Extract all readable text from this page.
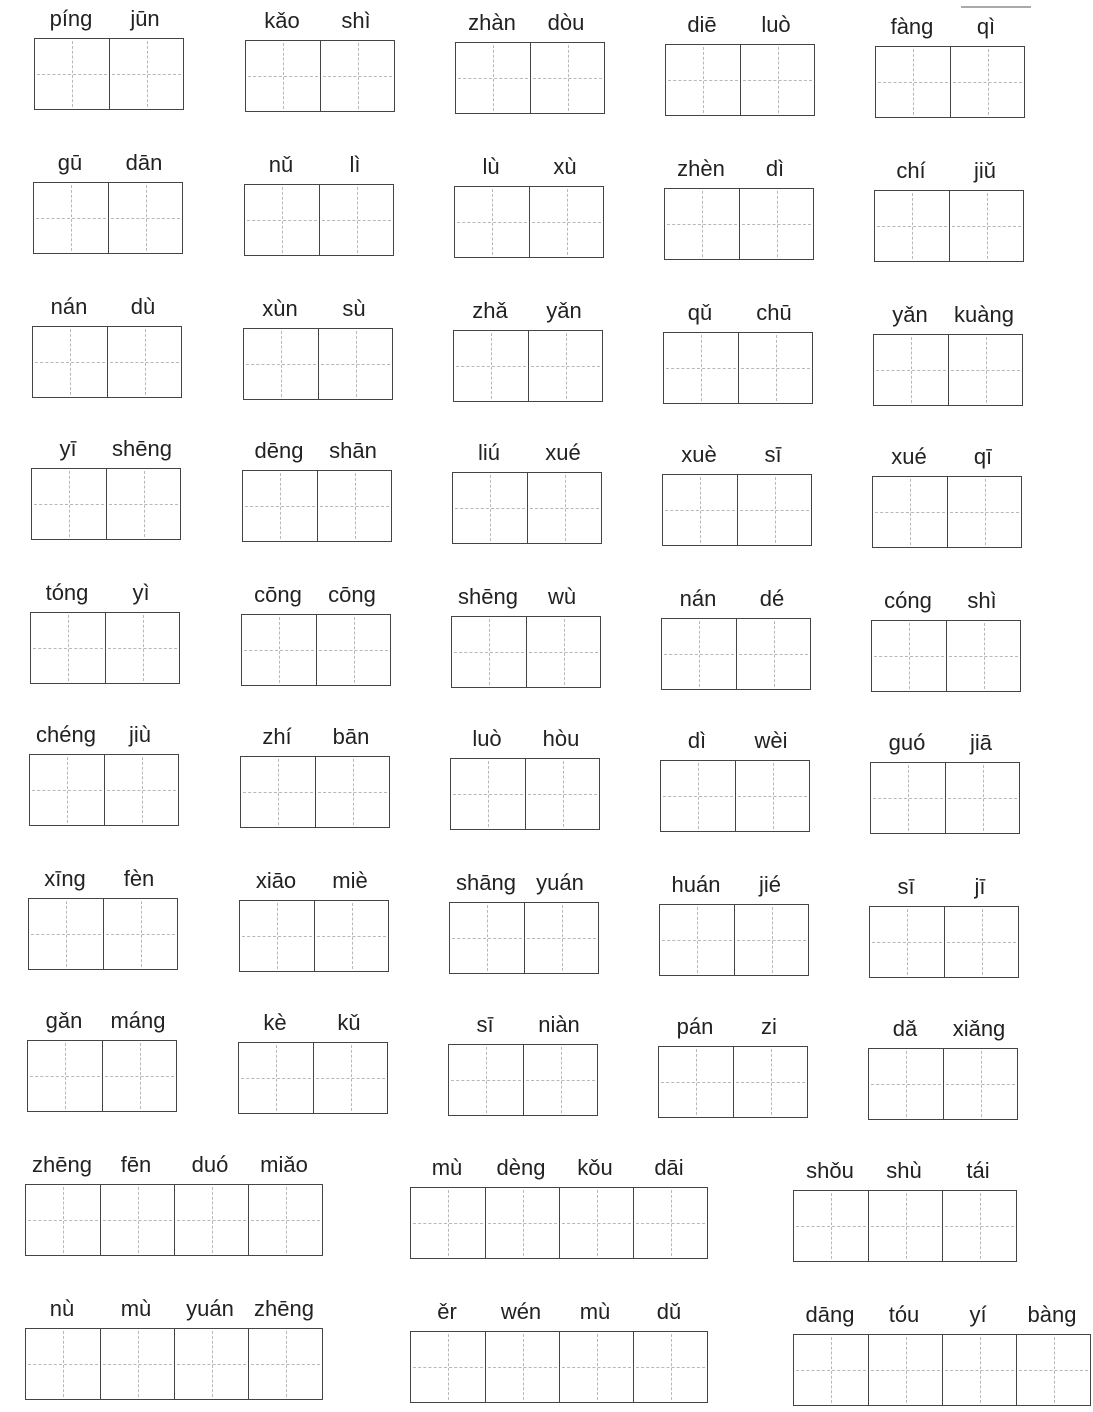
píng	jūn	kǎo	shì	zhàn	dòu	diē	luò	fàng	qì
gū	dān	nǔ	lì	lù	xù	zhèn	dì	chí	jiǔ
nán	dù	xùn	sù	zhǎ	yǎn	qǔ	chū	yǎn	kuàng
yī	shēng	dēng	shān	liú	xué	xuè	sī	xué	qī
tóng	yì	cōng	cōng	shēng	wù	nán	dé	cóng	shì
chéng	jiù	zhí	bān	luò	hòu	dì	wèi	guó	jiā
xīng	fèn	xiāo	miè	shāng yuán	huán	jié	sī	jī
gǎn	máng	kè	kǔ	sī	niàn	pán	zi	dǎ	xiǎng
zhēng	fēn	duó	miǎo	mù	dèng	kǒu	dāi	shǒu	shù	tái
nù	mù	yuán zhēng	ěr	wén	mù	dǔ	dāng	tóu	yí	bàng
